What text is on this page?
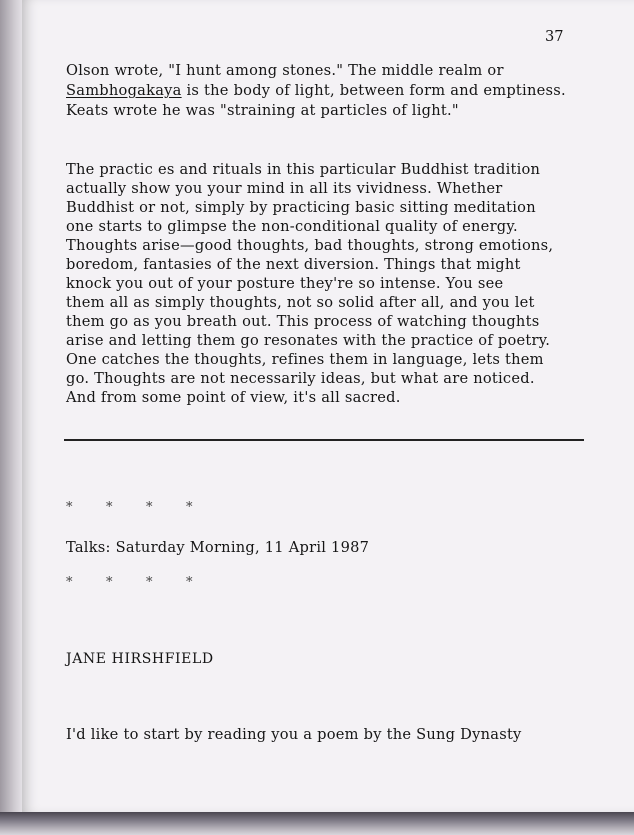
37
Olson wrote, "I hunt among stones." The middle realm or
Sambhogakaya is the body of light, between form and emptiness.
Keats wrote he was "straining at particles of light."
The practic es and rituals in this particular Buddhist tradition
actually show you your mind in all its vividness. Whether
Buddhist or not, simply by practicing basic sitting meditation
one starts to glimpse the non-conditional quality of energy.
Thoughts arise—good thoughts, bad thoughts, strong emotions,
boredom, fantasies of the next diversion. Things that might
knock you out of your posture they're so intense. You see
them all as simply thoughts, not so solid after all, and you let
them go as you breath out. This process of watching thoughts
arise and letting them go resonates with the practice of poetry.
One catches the thoughts, refines them in language, lets them
go. Thoughts are not necessarily ideas, but what are noticed.
And from some point of view, it's all sacred.
*	*	*	*
Talks: Saturday Morning, 11 April 1987
*	*	*	*
JANE HIRSHFIELD
I'd like to start by reading you a poem by the Sung Dynasty
